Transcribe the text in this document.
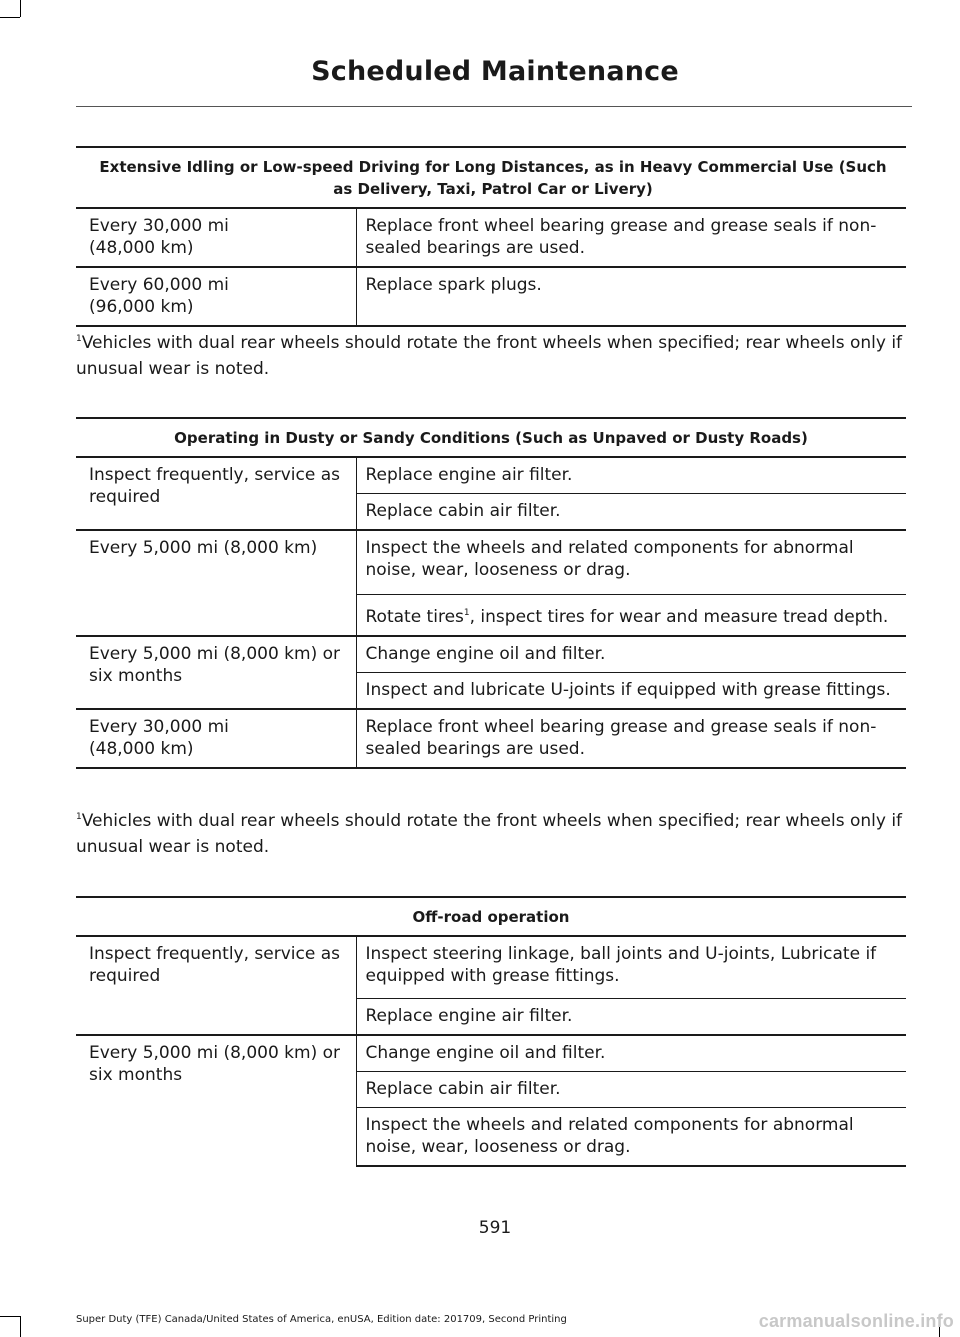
Scheduled Maintenance
Extensive Idling or Low-speed Driving for Long Distances, as in Heavy Commercial Use (Such as Delivery, Taxi, Patrol Car or Livery)	
Every 30,000 mi
(48,000 km)	Replace front wheel bearing grease and grease seals if non-sealed bearings are used.
Every 60,000 mi
(96,000 km)	Replace spark plugs.
$^1$Vehicles with dual rear wheels should rotate the front wheels when specified; rear wheels only if unusual wear is noted.
Operating in Dusty or Sandy Conditions (Such as Unpaved or Dusty Roads)	
Inspect frequently, service as required	Replace engine air filter.
	Replace cabin air filter.
Every 5,000 mi (8,000 km)	Inspect the wheels and related components for abnormal noise, wear, looseness or drag.
	Rotate tires$^1$, inspect tires for wear and measure tread depth.
Every 5,000 mi (8,000 km) or six months	Change engine oil and filter.
	Inspect and lubricate U-joints if equipped with grease fittings.
Every 30,000 mi
(48,000 km)	Replace front wheel bearing grease and grease seals if non-sealed bearings are used.
$^1$Vehicles with dual rear wheels should rotate the front wheels when specified; rear wheels only if unusual wear is noted.
Off-road operation	
Inspect frequently, service as required	Inspect steering linkage, ball joints and U-joints, Lubricate if equipped with grease fittings.
	Replace engine air filter.
Every 5,000 mi (8,000 km) or six months	Change engine oil and filter.
	Replace cabin air filter.
	Inspect the wheels and related components for abnormal noise, wear, looseness or drag.
591
Super Duty (TFE) Canada/United States of America, enUSA, Edition date: 201709, Second Printing	carmanualsonline.info
